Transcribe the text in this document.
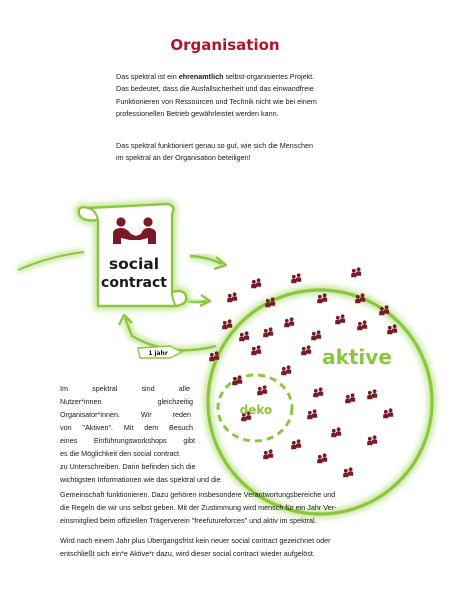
Organisation

Das spektral ist ein ehrenamtlich selbst-organisiertes Projekt.
Das bedeutet, dass die Ausfallsicherheit und das einwandfreie
Funktionieren von Ressourcen und Technik nicht wie bei einem
professionellen Betrieb gewährleistet werden kann.

Das spektral funktioniert genau so gut, wie sich die Menschen
im spektral an der Organisation beteiligen!

social
contract
1 jahr	aktive
deko

Im spektral sind alle

Nutzer*innen gleichzeitig

Organisator*innen. Wir reden

von "Aktiven". Mit dem Besuch

eines Einführungsworkshops gibt

es die Möglichkeit den social contract

zu Unterschreiben. Darin befinden sich die

wichtigsten Informationen wie das spektral und die

Gemeinschaft funktionieren. Dazu gehören insbesondere Verantwortungsbereiche und

die Regeln die wir uns selbst geben. Mit der Zustimmung wird mensch für ein Jahr Ver-

einsmitglied beim offiziellen Trägerverein "freefutureforces" und aktiv im spektral.

Wird nach einem Jahr plus Übergangsfrist kein neuer social contract gezeichnet oder

entschließt sich ein*e Aktive*r dazu, wird dieser social contract wieder aufgelöst.
